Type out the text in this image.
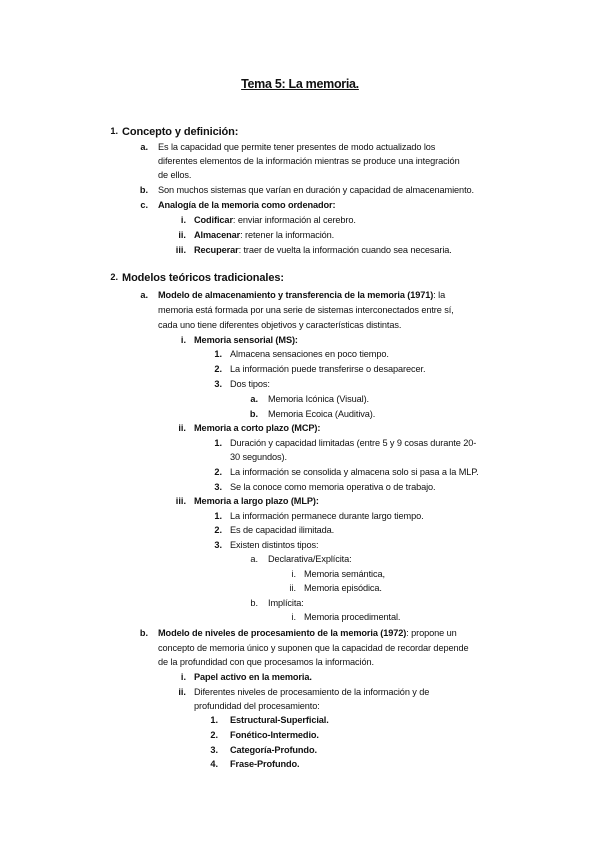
Tema 5: La memoria.
1. Concepto y definición:
a. Es la capacidad que permite tener presentes de modo actualizado los
diferentes elementos de la información mientras se produce una integración
de ellos.
b. Son muchos sistemas que varían en duración y capacidad de almacenamiento.
c. Analogía de la memoria como ordenador:
i. Codificar: enviar información al cerebro.
ii. Almacenar: retener la información.
iii. Recuperar: traer de vuelta la información cuando sea necesaria.
2. Modelos teóricos tradicionales:
a. Modelo de almacenamiento y transferencia de la memoria (1971): la
memoria está formada por una serie de sistemas interconectados entre sí,
cada uno tiene diferentes objetivos y características distintas.
i. Memoria sensorial (MS):
1. Almacena sensaciones en poco tiempo.
2. La información puede transferirse o desaparecer.
3. Dos tipos:
a. Memoria Icónica (Visual).
b. Memoria Ecoica (Auditiva).
ii. Memoria a corto plazo (MCP):
1. Duración y capacidad limitadas (entre 5 y 9 cosas durante 20-
30 segundos).
2. La información se consolida y almacena solo si pasa a la MLP.
3. Se la conoce como memoria operativa o de trabajo.
iii. Memoria a largo plazo (MLP):
1. La información permanece durante largo tiempo.
2. Es de capacidad ilimitada.
3. Existen distintos tipos:
a. Declarativa/Explícita:
i. Memoria semántica,
ii. Memoria episódica.
b. Implícita:
i. Memoria procedimental.
b. Modelo de niveles de procesamiento de la memoria (1972): propone un
concepto de memoria único y suponen que la capacidad de recordar depende
de la profundidad con que procesamos la información.
i. Papel activo en la memoria.
ii. Diferentes niveles de procesamiento de la información y de
profundidad del procesamiento:
1. Estructural-Superficial.
2. Fonético-Intermedio.
3. Categoría-Profundo.
4. Frase-Profundo.
